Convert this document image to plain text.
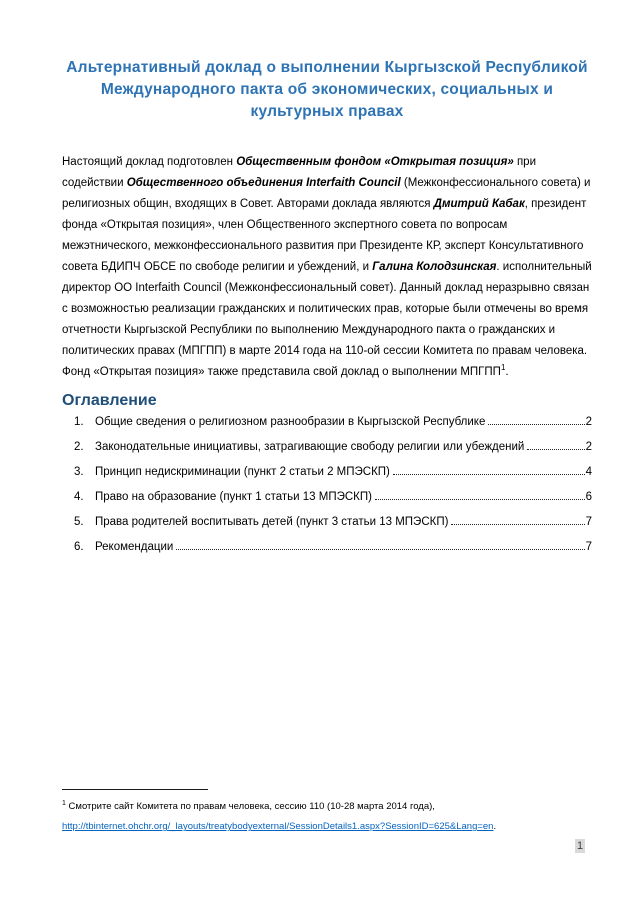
Альтернативный доклад о выполнении Кыргызской Республикой Международного пакта об экономических, социальных и культурных правах

Настоящий доклад подготовлен Общественным фондом «Открытая позиция» при содействии Общественного объединения Interfaith Council (Межконфессионального совета) и религиозных общин, входящих в Совет. Авторами доклада являются Дмитрий Кабак, президент фонда «Открытая позиция», член Общественного экспертного совета по вопросам межэтнического, межконфессионального развития при Президенте КР, эксперт Консультативного совета БДИПЧ ОБСЕ по свободе религии и убеждений, и Галина Колодзинская. исполнительный директор ОО Interfaith Council (Межконфессиональный совет). Данный доклад неразрывно связан с возможностью реализации гражданских и политических прав, которые были отмечены во время отчетности Кыргызской Республики по выполнению Международного пакта о гражданских и политических правах (МПГПП) в марте 2014 года на 110-ой сессии Комитета по правам человека. Фонд «Открытая позиция» также представила свой доклад о выполнении МПГПП$^1$.

Оглавление
1. Общие сведения о религиозном разнообразии в Кыргызской Республике	2
2. Законодательные инициативы, затрагивающие свободу религии или убеждений	2
3. Принцип недискриминации (пункт 2 статьи 2 МПЭСКП)	4
4. Право на образование (пункт 1 статьи 13 МПЭСКП)	6
5. Права родителей воспитывать детей (пункт 3 статьи 13 МПЭСКП)	7
6. Рекомендации	7
$^1$ Смотрите сайт Комитета по правам человека, сессию 110 (10-28 марта 2014 года), http://tbinternet.ohchr.org/_layouts/treatybodyexternal/SessionDetails1.aspx?SessionID=625&Lang=en.
1
